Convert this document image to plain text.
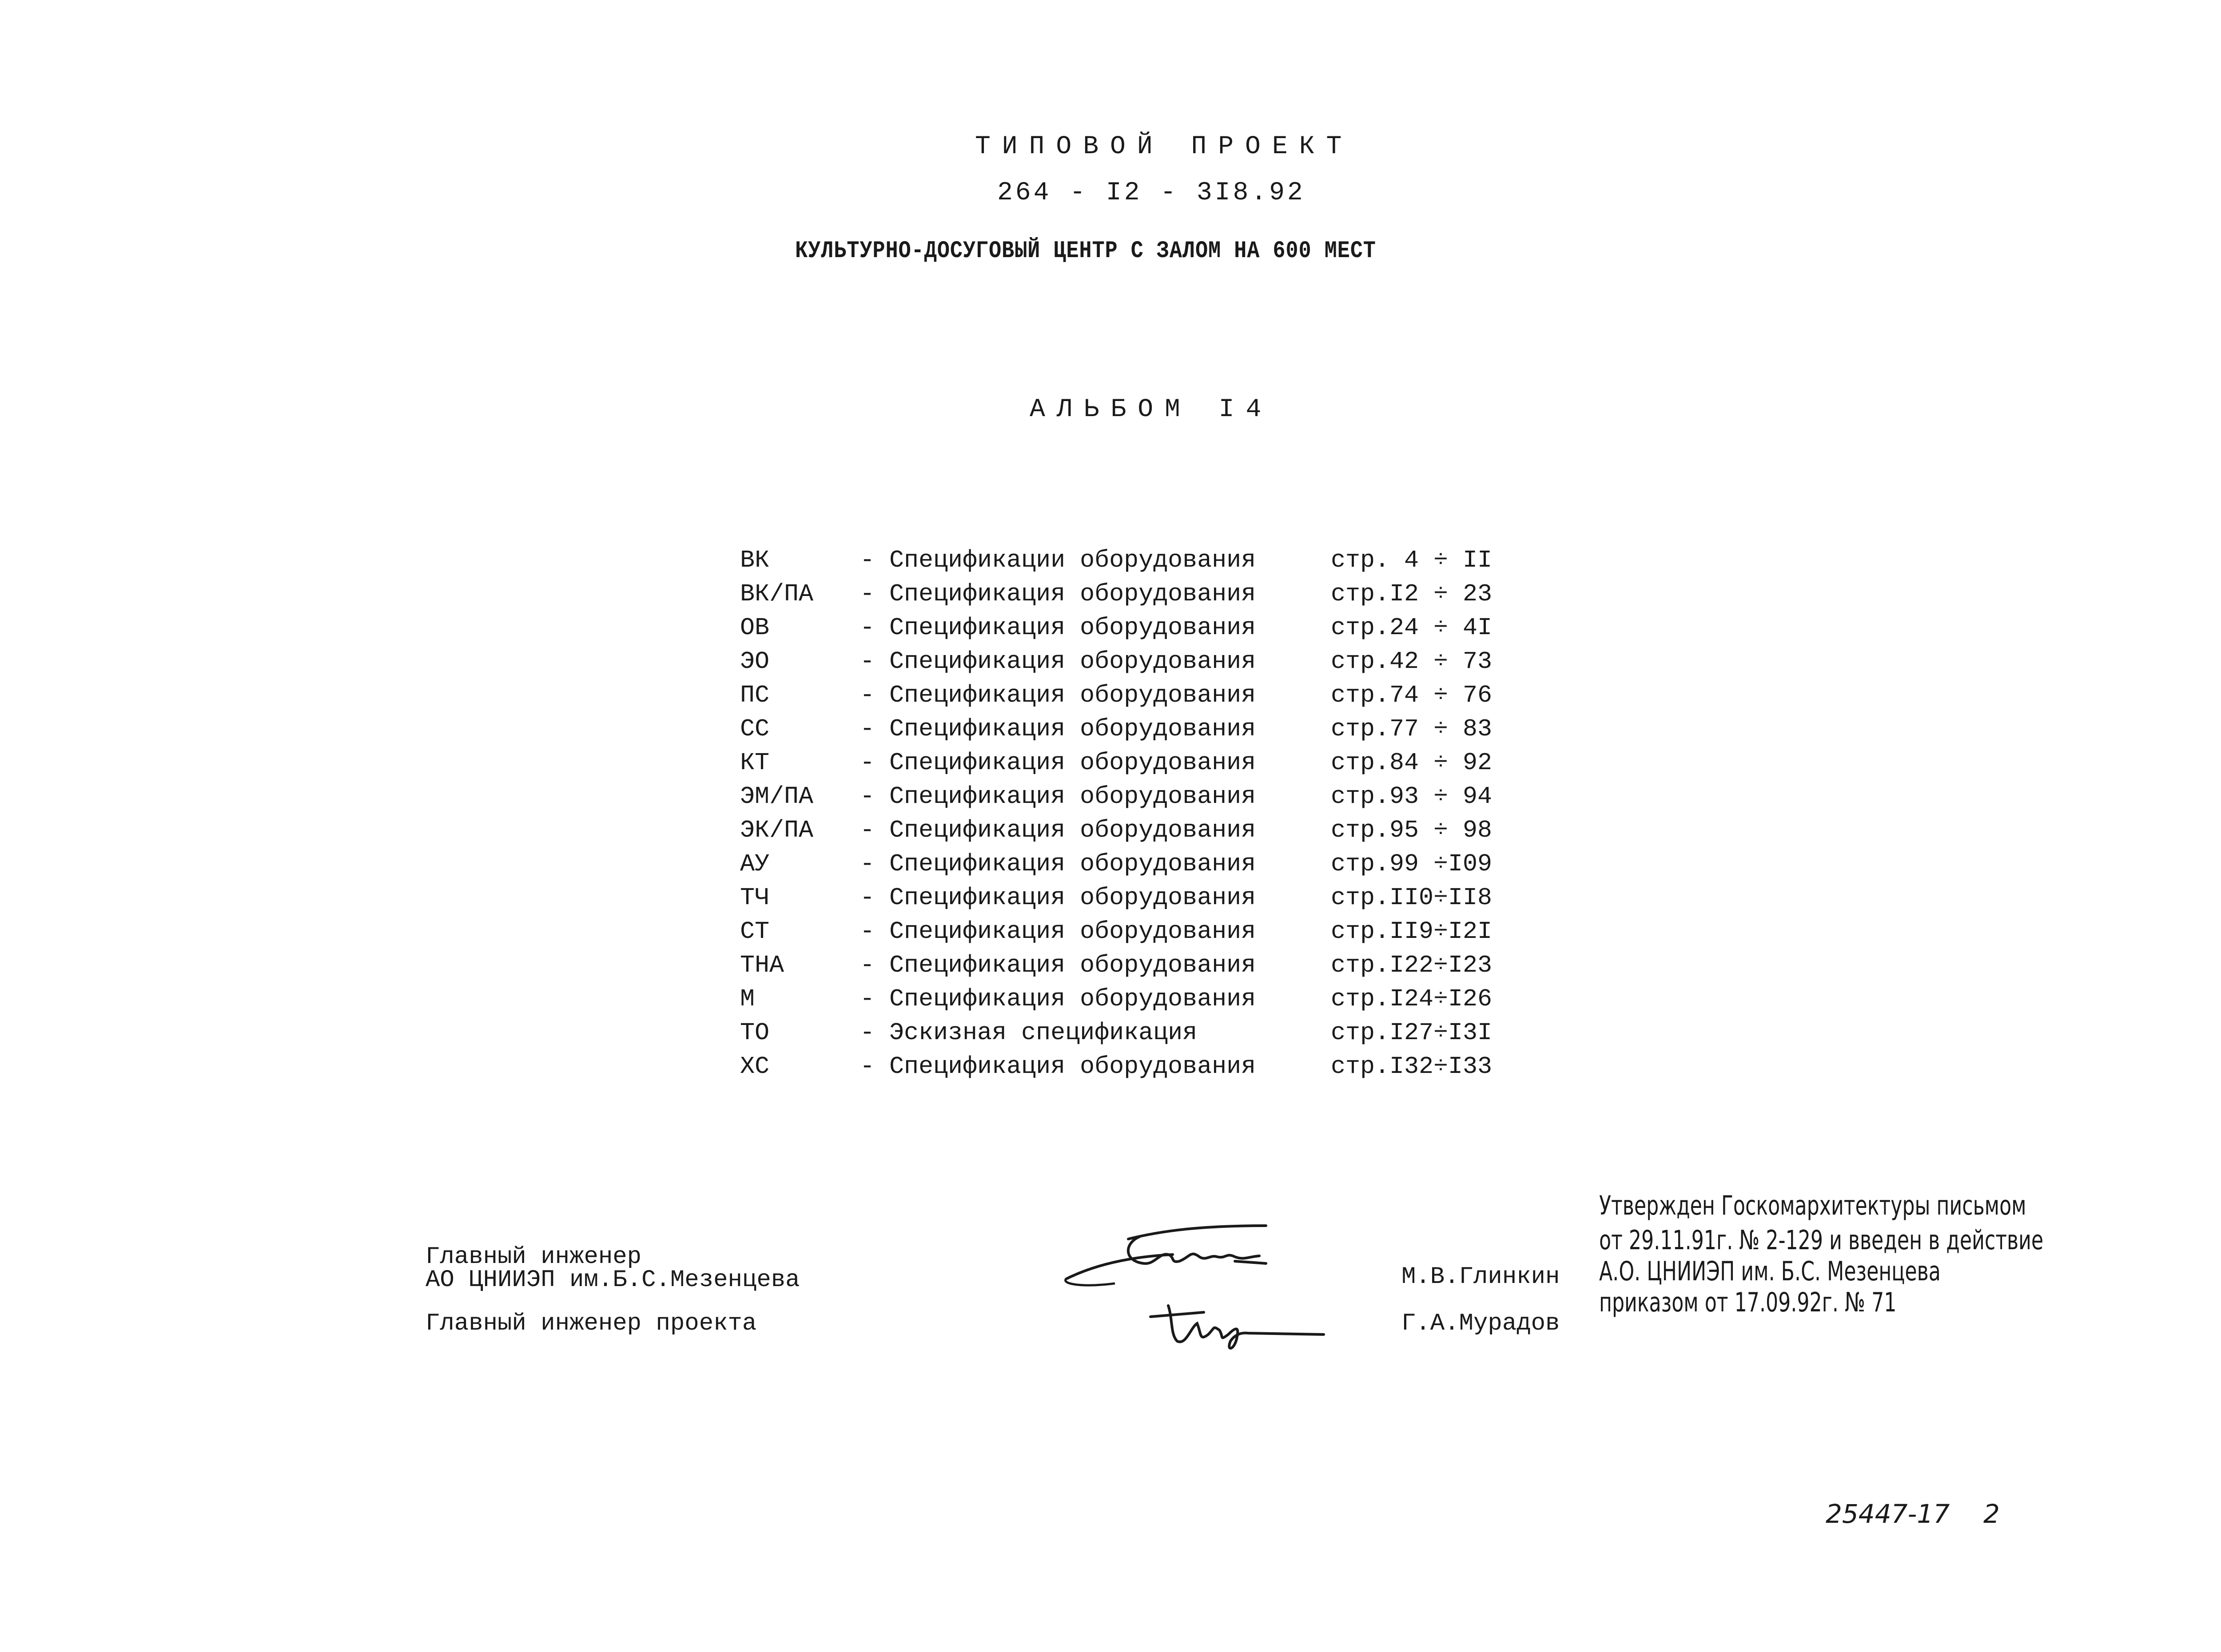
ТИПОВОЙ ПРОЕКТ
264 - I2 - 3I8.92
КУЛЬТУРНО-ДОСУГОВЫЙ ЦЕНТР С ЗАЛОМ НА 600 МЕСТ
АЛЬБОМ I4
ВК	- Спецификации оборудования	стр. 4 ÷ II
ВК/ПА - Спецификация оборудования	стр.I2 ÷ 23
ОВ	- Спецификация оборудования	стр.24 ÷ 4I
ЭО	- Спецификация оборудования	стр.42 ÷ 73
ПС	- Спецификация оборудования	стр.74 ÷ 76
СС	- Спецификация оборудования	стр.77 ÷ 83
КТ	- Спецификация оборудования	стр.84 ÷ 92
ЭМ/ПА - Спецификация оборудования	стр.93 ÷ 94
ЭК/ПА - Спецификация оборудования	стр.95 ÷ 98
АУ	- Спецификация оборудования	стр.99 ÷I09
ТЧ	- Спецификация оборудования	стр.II0÷II8
СТ	- Спецификация оборудования	стр.II9÷I2I
ТНА	- Спецификация оборудования	стр.I22÷I23
М	- Спецификация оборудования	стр.I24÷I26
ТО	- Эскизная спецификация	стр.I27÷I3I
ХС	- Спецификация оборудования	стр.I32÷I33
Главный инженер
АО ЦНИИЭП им.Б.С.Мезенцева
Главный инженер проекта
М.В.Глинкин
Г.А.Мурадов
Утвержден Госкомархитектуры письмом
от 29.11.91г. № 2-129 и введен в действие
А.О. ЦНИИЭП им. Б.С. Мезенцева
приказом от 17.09.92г. № 71
25447-17 2
